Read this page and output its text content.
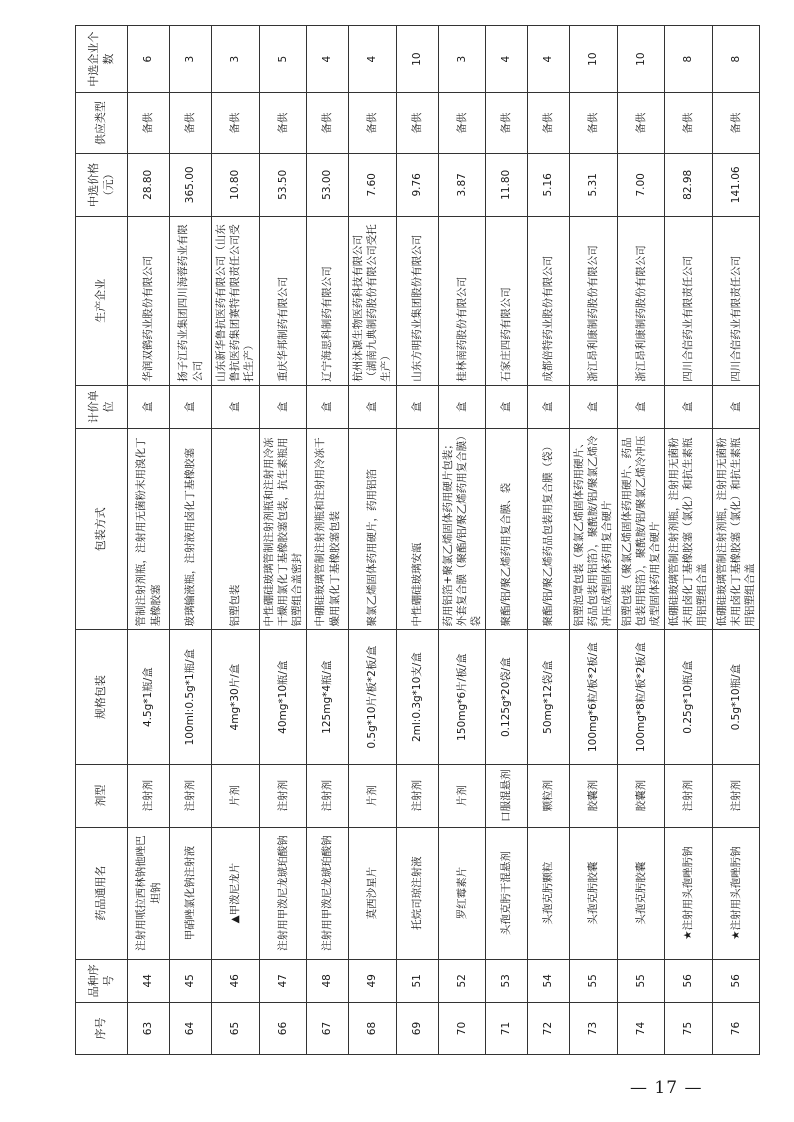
序号	品种序号	药品通用名	剂型	规格包装	包装方式	计价单位	生产企业	中选价格（元）	供应类型	中选企业个数
63	44	注射用哌拉西林钠他唑巴坦钠	注射剂	4.5g*1瓶/盒	管制注射剂瓶，注射用无菌粉末用溴化丁基橡胶塞	盒	华润双鹤药业股份有限公司	28.80	备供	6
64	45	甲硝唑氯化钠注射液	注射剂	100ml:0.5g*1瓶/盒	玻璃输液瓶，注射液用卤化丁基橡胶塞	盒	扬子江药业集团四川海蓉药业有限公司	365.00	备供	3
65	46	▲甲泼尼龙片	片剂	4mg*30片/盒	铝塑包装	盒	山东新华鲁抗医药有限公司（山东鲁抗医药集团赛特有限责任公司受托生产）	10.80	备供	3
66	47	注射用甲泼尼龙琥珀酸钠	注射剂	40mg*10瓶/盒	中性硼硅玻璃管制注射剂瓶和注射用冷冻干燥用氯化丁基橡胶塞包装，抗生素瓶用铝塑组合盖密封	盒	重庆华邦制药有限公司	53.50	备供	5
67	48	注射用甲泼尼龙琥珀酸钠	注射剂	125mg*4瓶/盒	中硼硅玻璃管制注射剂瓶和注射用冷冻干燥用氯化丁基橡胶塞包装	盒	辽宁海思科制药有限公司	53.00	备供	4
68	49	莫西沙星片	片剂	0.5g*10片/板*2板/盒	聚氯乙烯固体药用硬片，药用铝箔	盒	杭州沐源生物医药科技有限公司（湖南九典制药股份有限公司受托生产）	7.60	备供	4
69	51	托烷司琼注射液	注射剂	2ml:0.3g*10支/盒	中性硼硅玻璃安瓿	盒	山东方明药业集团股份有限公司	9.76	备供	10
70	52	罗红霉素片	片剂	150mg*6片/板/盒	药用铝箔+聚氯乙烯固体药用硬片包装；外套复合膜（聚酯/铝/聚乙烯药用复合膜）袋	盒	桂林南药股份有限公司	3.87	备供	3
71	53	头孢克肟干混悬剂	口服混悬剂	0.125g*20袋/盒	聚酯/铝/聚乙烯药用复合膜、袋	盒	石家庄四药有限公司	11.80	备供	4
72	54	头孢克肟颗粒	颗粒剂	50mg*12袋/盒	聚酯/铝/聚乙烯药品包装用复合膜（袋）	盒	成都倍特药业股份有限公司	5.16	备供	4
73	55	头孢克肟胶囊	胶囊剂	100mg*6粒/板*2板/盒	铝塑泡罩包装（聚氯乙烯固体药用硬片、药品包装用铝箔），聚酰胺/铝/聚氯乙烯冷冲压成型固体药用复合硬片	盒	浙江昂利康制药股份有限公司	5.31	备供	10
74	55	头孢克肟胶囊	胶囊剂	100mg*8粒/板*2板/盒	铝塑包装（聚氯乙烯固体药用硬片、药品包装用铝箔），聚酰胺/铝/聚氯乙烯冷冲压成型固体药用复合硬片	盒	浙江昂利康制药股份有限公司	7.00	备供	10
75	56	★注射用头孢唑肟钠	注射剂	0.25g*10瓶/盒	低硼硅玻璃管制注射剂瓶，注射用无菌粉末用卤化丁基橡胶塞（氯化）和抗生素瓶用铝塑组合盖	盒	四川合信药业有限责任公司	82.98	备供	8
76	56	★注射用头孢唑肟钠	注射剂	0.5g*10瓶/盒	低硼硅玻璃管制注射剂瓶，注射用无菌粉末用卤化丁基橡胶塞（氯化）和抗生素瓶用铝塑组合盖	盒	四川合信药业有限责任公司	141.06	备供	8
— 17 —
